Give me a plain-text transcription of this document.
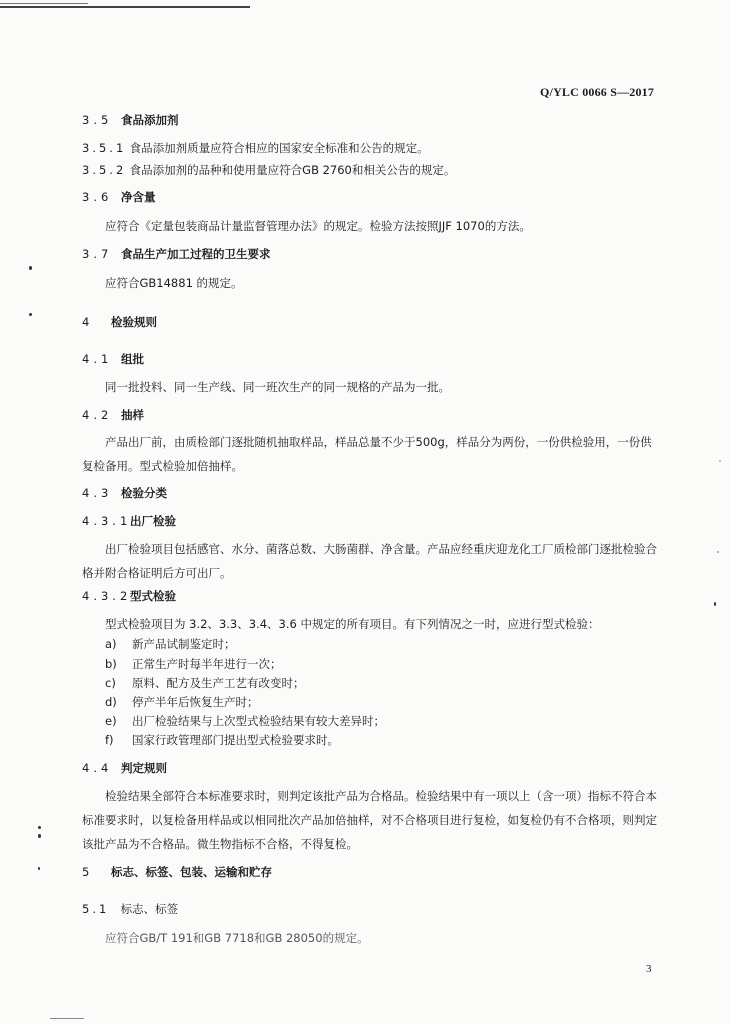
Q/YLC 0066 S—2017
3.5 食品添加剂
3.5.1 食品添加剂质量应符合相应的国家安全标准和公告的规定。
3.5.2 食品添加剂的品种和使用量应符合GB 2760和相关公告的规定。
3.6 净含量
应符合《定量包装商品计量监督管理办法》的规定。检验方法按照JJF 1070的方法。
3.7 食品生产加工过程的卫生要求
应符合GB14881 的规定。
4 检验规则
4.1 组批
同一批投料、同一生产线、同一班次生产的同一规格的产品为一批。
4.2 抽样
产品出厂前，由质检部门逐批随机抽取样品，样品总量不少于500g，样品分为两份，一份供检验用，一份供复检备用。型式检验加倍抽样。
4.3 检验分类
4.3.1 出厂检验
出厂检验项目包括感官、水分、菌落总数、大肠菌群、净含量。产品应经重庆迎龙化工厂质检部门逐批检验合格并附合格证明后方可出厂。
4.3.2 型式检验
型式检验项目为 3.2、3.3、3.4、3.6 中规定的所有项目。有下列情况之一时，应进行型式检验：
a) 新产品试制鉴定时；
b) 正常生产时每半年进行一次；
c) 原料、配方及生产工艺有改变时；
d) 停产半年后恢复生产时；
e) 出厂检验结果与上次型式检验结果有较大差异时；
f) 国家行政管理部门提出型式检验要求时。
4.4 判定规则
检验结果全部符合本标准要求时，则判定该批产品为合格品。检验结果中有一项以上（含一项）指标不符合本标准要求时，以复检备用样品或以相同批次产品加倍抽样，对不合格项目进行复检，如复检仍有不合格项，则判定该批产品为不合格品。微生物指标不合格，不得复检。
5 标志、标签、包装、运输和贮存
5.1 标志、标签
应符合GB/T 191和GB 7718和GB 28050的规定。
3
